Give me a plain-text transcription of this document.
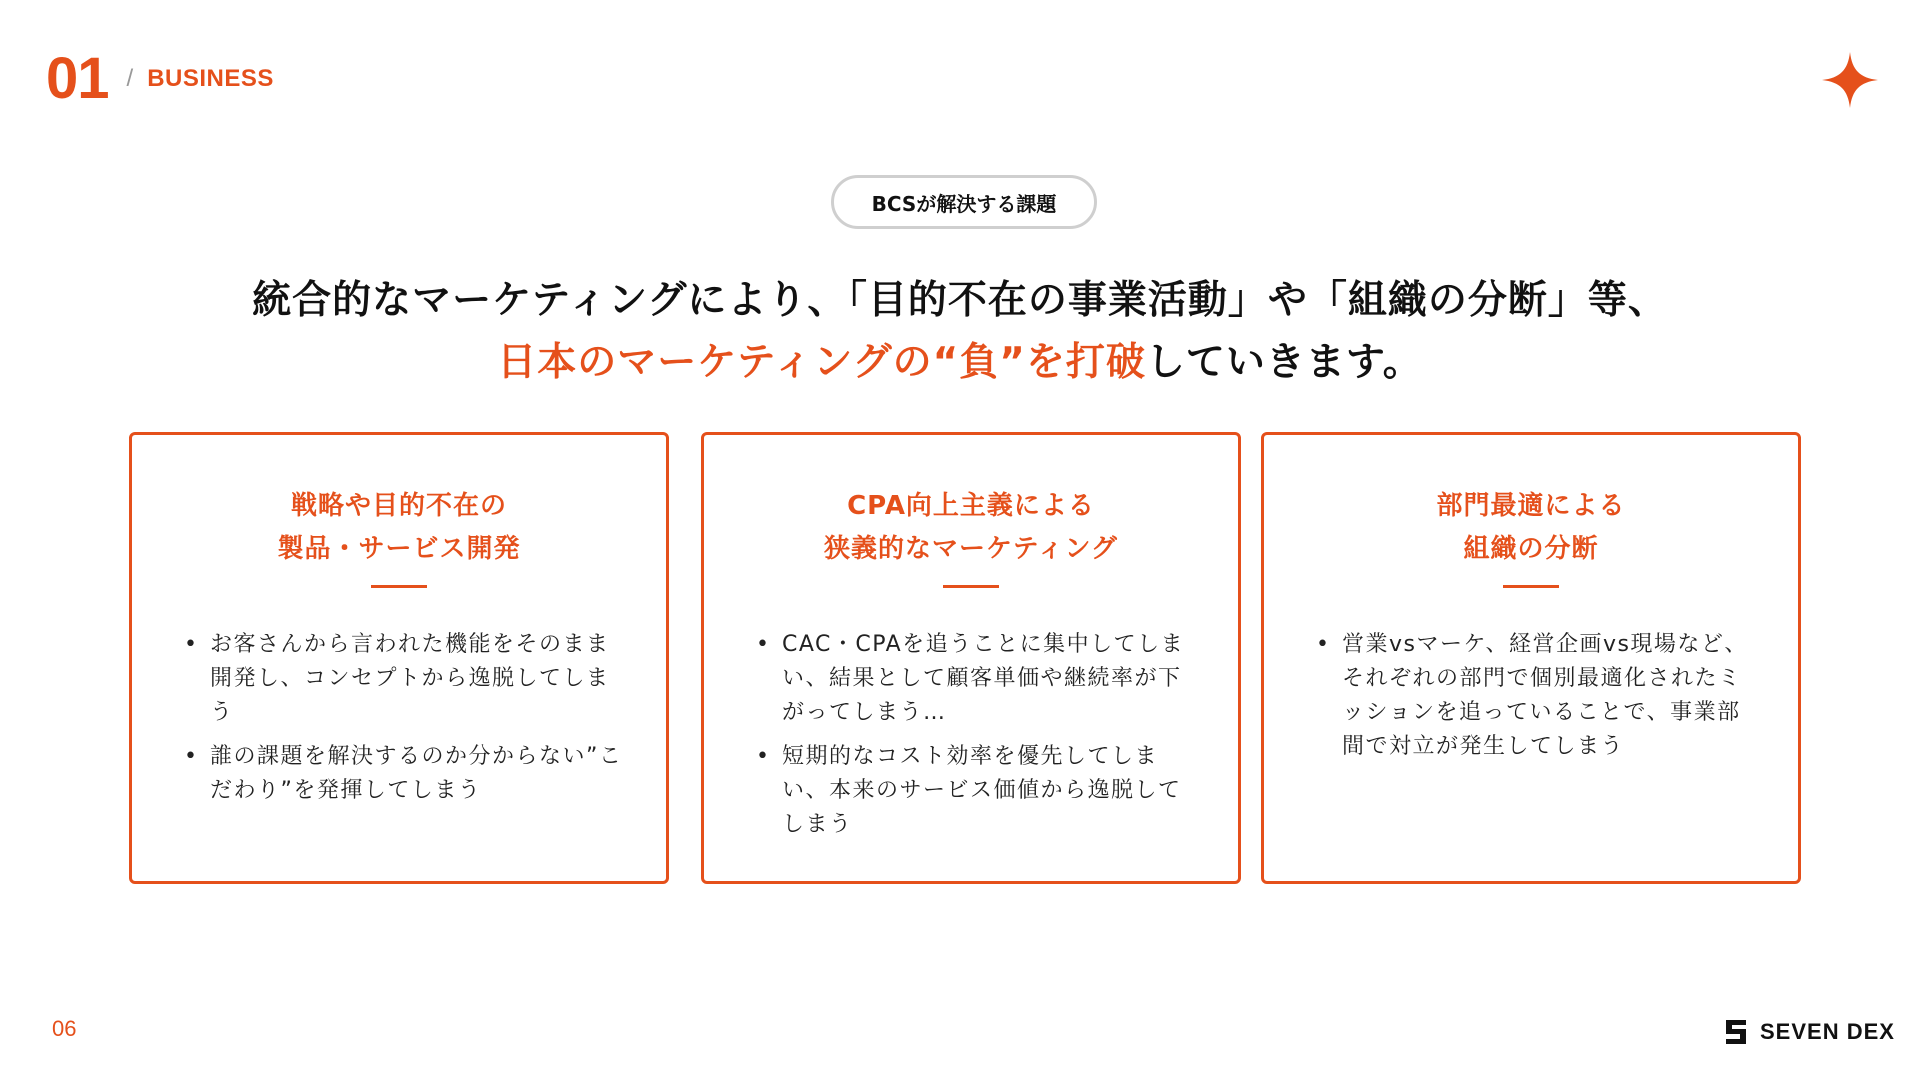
01 / BUSINESS
BCSが解決する課題
統合的なマーケティングにより、「目的不在の事業活動」や「組織の分断」等、
日本のマーケティングの“負”を打破していきます。
戦略や目的不在の
製品・サービス開発
• お客さんから言われた機能をそのまま開発し、コンセプトから逸脱してしまう
• 誰の課題を解決するのか分からない”こだわり”を発揮してしまう
CPA向上主義による
狭義的なマーケティング
• CAC・CPAを追うことに集中してしまい、結果として顧客単価や継続率が下がってしまう…
• 短期的なコスト効率を優先してしまい、本来のサービス価値から逸脱してしまう
部門最適による
組織の分断
• 営業vsマーケ、経営企画vs現場など、それぞれの部門で個別最適化されたミッションを追っていることで、事業部間で対立が発生してしまう
06	SEVEN DEX
